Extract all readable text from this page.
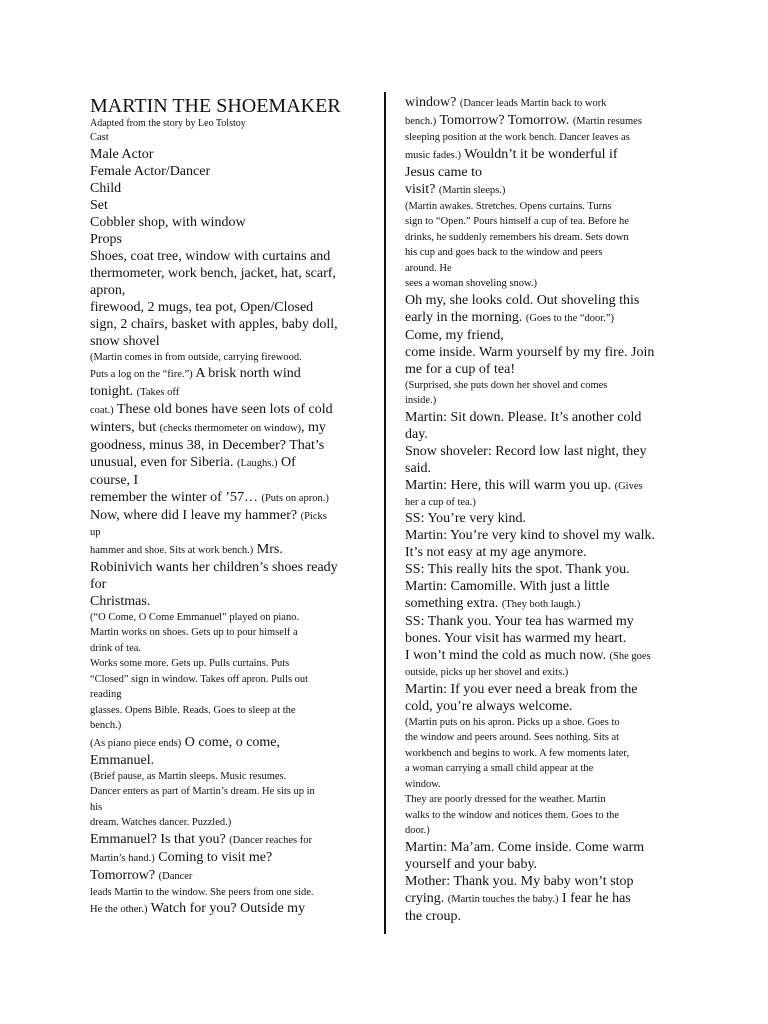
MARTIN THE SHOEMAKER
Adapted from the story by Leo Tolstoy
Cast
Male Actor
Female Actor/Dancer
Child
Set
Cobbler shop, with window
Props
Shoes, coat tree, window with curtains and
thermometer, work bench, jacket, hat, scarf,
apron,
firewood, 2 mugs, tea pot, Open/Closed
sign, 2 chairs, basket with apples, baby doll,
snow shovel
(Martin comes in from outside, carrying firewood.
Puts a log on the “fire.”) A brisk north wind
tonight. (Takes off
coat.) These old bones have seen lots of cold
winters, but (checks thermometer on window), my
goodness, minus 38, in December? That’s
unusual, even for Siberia. (Laughs.) Of
course, I
remember the winter of ’57… (Puts on apron.)
Now, where did I leave my hammer? (Picks
up
hammer and shoe. Sits at work bench.) Mrs.
Robinivich wants her children’s shoes ready
for
Christmas.
(“O Come, O Come Emmanuel” played on piano.
Martin works on shoes. Gets up to pour himself a
drink of tea.
Works some more. Gets up. Pulls curtains. Puts
“Closed” sign in window. Takes off apron. Pulls out
reading
glasses. Opens Bible. Reads. Goes to sleep at the
bench.)
(As piano piece ends) O come, o come,
Emmanuel.
(Brief pause, as Martin sleeps. Music resumes.
Dancer enters as part of Martin’s dream. He sits up in
his
dream. Watches dancer. Puzzled.)
Emmanuel? Is that you? (Dancer reaches for
Martin’s hand.) Coming to visit me?
Tomorrow? (Dancer
leads Martin to the window. She peers from one side.
He the other.) Watch for you? Outside my
window? (Dancer leads Martin back to work
bench.) Tomorrow? Tomorrow. (Martin resumes
sleeping position at the work bench. Dancer leaves as
music fades.) Wouldn’t it be wonderful if
Jesus came to
visit? (Martin sleeps.)
(Martin awakes. Stretches. Opens curtains. Turns
sign to “Open.” Pours himself a cup of tea. Before he
drinks, he suddenly remembers his dream. Sets down
his cup and goes back to the window and peers
around. He
sees a woman shoveling snow.)
Oh my, she looks cold. Out shoveling this
early in the morning. (Goes to the “door.”)
Come, my friend,
come inside. Warm yourself by my fire. Join
me for a cup of tea!
(Surprised, she puts down her shovel and comes
inside.)
Martin: Sit down. Please. It’s another cold
day.
Snow shoveler: Record low last night, they
said.
Martin: Here, this will warm you up. (Gives
her a cup of tea.)
SS: You’re very kind.
Martin: You’re very kind to shovel my walk.
It’s not easy at my age anymore.
SS: This really hits the spot. Thank you.
Martin: Camomille. With just a little
something extra. (They both laugh.)
SS: Thank you. Your tea has warmed my
bones. Your visit has warmed my heart.
I won’t mind the cold as much now. (She goes
outside, picks up her shovel and exits.)
Martin: If you ever need a break from the
cold, you’re always welcome.
(Martin puts on his apron. Picks up a shoe. Goes to
the window and peers around. Sees nothing. Sits at
workbench and begins to work. A few moments later,
a woman carrying a small child appear at the
window.
They are poorly dressed for the weather. Martin
walks to the window and notices them. Goes to the
door.)
Martin: Ma’am. Come inside. Come warm
yourself and your baby.
Mother: Thank you. My baby won’t stop
crying. (Martin touches the baby.) I fear he has
the croup.
